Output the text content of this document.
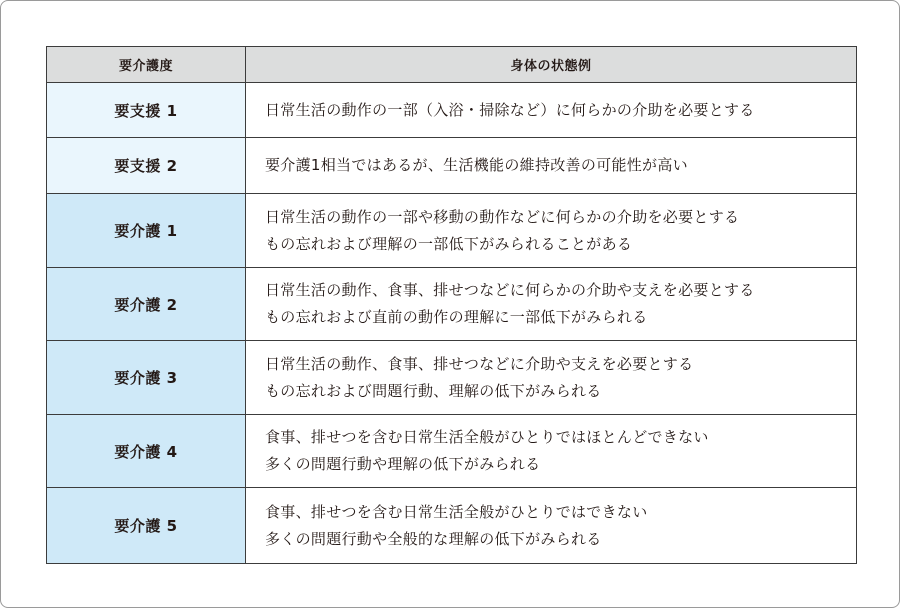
要介護度	身体の状態例
要支援 1	日常生活の動作の一部（入浴・掃除など）に何らかの介助を必要とする

要支援 2	要介護1相当ではあるが、生活機能の維持改善の可能性が高い

要介護 1	日常生活の動作の一部や移動の動作などに何らかの介助を必要とする
もの忘れおよび理解の一部低下がみられることがある

要介護 2	日常生活の動作、食事、排せつなどに何らかの介助や支えを必要とする
もの忘れおよび直前の動作の理解に一部低下がみられる

要介護 3	日常生活の動作、食事、排せつなどに介助や支えを必要とする
もの忘れおよび問題行動、理解の低下がみられる

要介護 4	食事、排せつを含む日常生活全般がひとりではほとんどできない
多くの問題行動や理解の低下がみられる

要介護 5	食事、排せつを含む日常生活全般がひとりではできない
多くの問題行動や全般的な理解の低下がみられる
